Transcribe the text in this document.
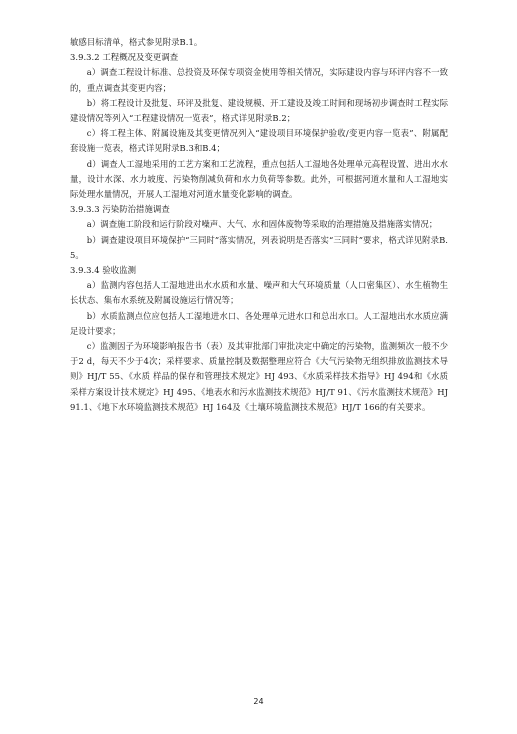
敏感目标清单，格式参见附录B.1。

3.9.3.2 工程概况及变更调查

a）调查工程设计标准、总投资及环保专项资金使用等相关情况，实际建设内容与环评内容不一致的，重点调查其变更内容；

b）将工程设计及批复、环评及批复、建设规模、开工建设及竣工时间和现场初步调查时工程实际建设情况等列入“工程建设情况一览表”，格式详见附录B.2；

c）将工程主体、附属设施及其变更情况列入“建设项目环境保护验收/变更内容一览表”、附属配套设施一览表，格式详见附录B.3和B.4；

d）调查人工湿地采用的工艺方案和工艺流程，重点包括人工湿地各处理单元高程设置、进出水水量，设计水深、水力坡度、污染物削减负荷和水力负荷等参数。此外，可根据河道水量和人工湿地实际处理水量情况，开展人工湿地对河道水量变化影响的调查。

3.9.3.3 污染防治措施调查

a）调查施工阶段和运行阶段对噪声、大气、水和固体废物等采取的治理措施及措施落实情况；

b）调查建设项目环境保护“三同时”落实情况，列表说明是否落实“三同时”要求，格式详见附录B.5。

3.9.3.4 验收监测

a）监测内容包括人工湿地进出水水质和水量、噪声和大气环境质量（人口密集区）、水生植物生长状态、集布水系统及附属设施运行情况等；

b）水质监测点位应包括人工湿地进水口、各处理单元进水口和总出水口。人工湿地出水水质应满足设计要求；

c）监测因子为环境影响报告书（表）及其审批部门审批决定中确定的污染物，监测频次一般不少于2 d，每天不少于4次；采样要求、质量控制及数据整理应符合《大气污染物无组织排放监测技术导则》HJ/T 55、《水质 样品的保存和管理技术规定》HJ 493、《水质采样技术指导》HJ 494和《水质 采样方案设计技术规定》HJ 495、《地表水和污水监测技术规范》HJ/T 91、《污水监测技术规范》HJ 91.1、《地下水环境监测技术规范》HJ 164及《土壤环境监测技术规范》HJ/T 166的有关要求。

24
